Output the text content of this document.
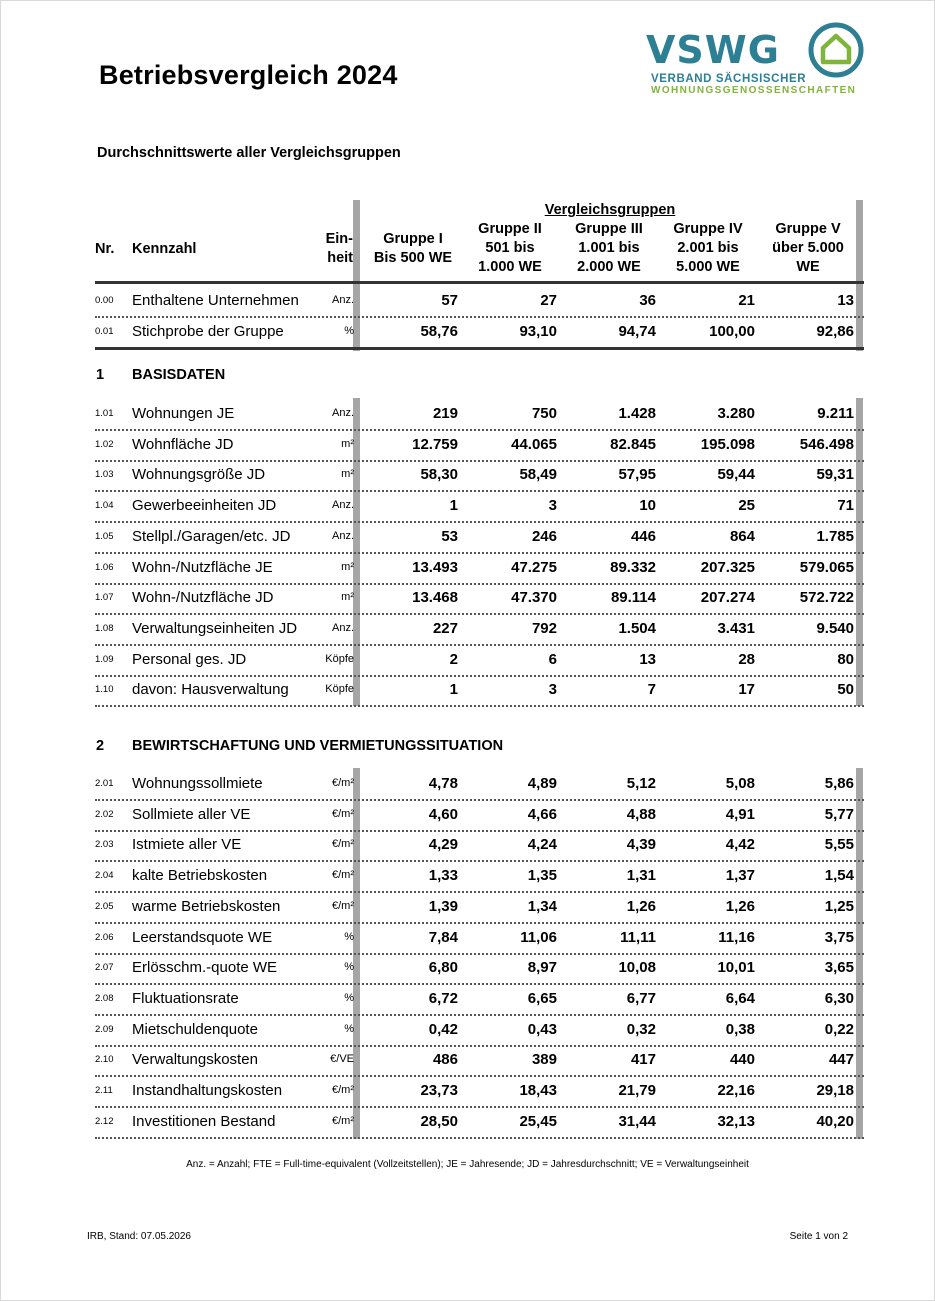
Betriebsvergleich 2024
Durchschnittswerte aller Vergleichsgruppen
VSWG
VERBAND SÄCHSISCHER
WOHNUNGSGENOSSENSCHAFTEN
Nr. Kennzahl
Ein-
heit
Vergleichsgruppen
Gruppe I
Bis 500 WE
Gruppe II
501 bis
1.000 WE
Gruppe III
1.001 bis
2.000 WE
Gruppe IV
2.001 bis
5.000 WE
Gruppe V
über 5.000
WE
0.00	Enthaltene Unternehmen	Anz.	57	27	36	21	13
0.01	Stichprobe der Gruppe	%	58,76	93,10	94,74	100,00	92,86
1 BASISDATEN
1.01	Wohnungen JE	Anz.	219	750	1.428	3.280	9.211
1.02	Wohnfläche JD	m²	12.759	44.065	82.845	195.098	546.498
1.03	Wohnungsgröße JD	m²	58,30	58,49	57,95	59,44	59,31
1.04	Gewerbeeinheiten JD	Anz.	1	3	10	25	71
1.05	Stellpl./Garagen/etc. JD	Anz.	53	246	446	864	1.785
1.06	Wohn-/Nutzfläche JE	m²	13.493	47.275	89.332	207.325	579.065
1.07	Wohn-/Nutzfläche JD	m²	13.468	47.370	89.114	207.274	572.722
1.08	Verwaltungseinheiten JD	Anz.	227	792	1.504	3.431	9.540
1.09	Personal ges. JD	Köpfe	2	6	13	28	80
1.10	davon: Hausverwaltung	Köpfe	1	3	7	17	50
2 BEWIRTSCHAFTUNG UND VERMIETUNGSSITUATION
2.01	Wohnungssollmiete	€/m²	4,78	4,89	5,12	5,08	5,86
2.02	Sollmiete aller VE	€/m²	4,60	4,66	4,88	4,91	5,77
2.03	Istmiete aller VE	€/m²	4,29	4,24	4,39	4,42	5,55
2.04	kalte Betriebskosten	€/m²	1,33	1,35	1,31	1,37	1,54
2.05	warme Betriebskosten	€/m²	1,39	1,34	1,26	1,26	1,25
2.06	Leerstandsquote WE	%	7,84	11,06	11,11	11,16	3,75
2.07	Erlösschm.-quote WE	%	6,80	8,97	10,08	10,01	3,65
2.08	Fluktuationsrate	%	6,72	6,65	6,77	6,64	6,30
2.09	Mietschuldenquote	%	0,42	0,43	0,32	0,38	0,22
2.10	Verwaltungskosten	€/VE	486	389	417	440	447
2.11	Instandhaltungskosten	€/m²	23,73	18,43	21,79	22,16	29,18
2.12	Investitionen Bestand	€/m²	28,50	25,45	31,44	32,13	40,20
Anz. = Anzahl; FTE = Full-time-equivalent (Vollzeitstellen); JE = Jahresende; JD = Jahresdurchschnitt; VE = Verwaltungseinheit
IRB, Stand: 07.05.2026	Seite 1 von 2
